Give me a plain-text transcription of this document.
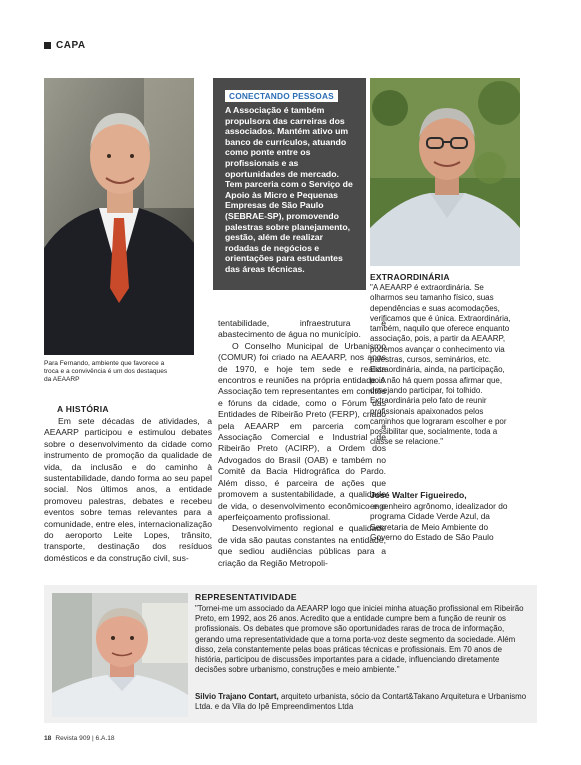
CAPA
Para Fernando, ambiente que favorece a troca e a convivência é um dos destaques da AEAARP
A HISTÓRIA

Em sete décadas de atividades, a AEAARP participou e estimulou debates sobre o desenvolvimento da cidade como instrumento de promoção da qualidade de vida, da inclusão e do caminho à sustentabilidade, dando forma ao seu papel social. Nos últimos anos, a entidade promoveu palestras, debates e recebeu eventos sobre temas relevantes para a comunidade, entre eles, internacionalização do aeroporto Leite Lopes, trânsito, transporte, destinação dos resíduos domésticos e da construção civil, sus-

tentabilidade, infraestrutura e abastecimento de água no município.

O Conselho Municipal de Urbanismo (COMUR) foi criado na AEAARP, nos anos de 1970, e hoje tem sede e realiza encontros e reuniões na própria entidade. A Associação tem representantes em comitês e fóruns da cidade, como o Fórum das Entidades de Ribeirão Preto (FERP), criado pela AEAARP em parceria com a Associação Comercial e Industrial de Ribeirão Preto (ACIRP), a Ordem dos Advogados do Brasil (OAB) e também no Comitê da Bacia Hidrográfica do Pardo. Além disso, é parceira de ações que promovem a sustentabilidade, a qualidade de vida, o desenvolvimento econômico e o aperfeiçoamento profissional.

Desenvolvimento regional e qualidade de vida são pautas constantes na entidade, que sediou audiências públicas para a criação da Região Metropoli-

CONECTANDO PESSOAS
A Associação é também propulsora das carreiras dos associados. Mantém ativo um banco de currículos, atuando como ponte entre os profissionais e as oportunidades de mercado. Tem parceria com o Serviço de Apoio às Micro e Pequenas Empresas de São Paulo (SEBRAE-SP), promovendo palestras sobre planejamento, gestão, além de realizar rodadas de negócios e orientações para estudantes das áreas técnicas.
EXTRAORDINÁRIA
"A AEAARP é extraordinária. Se olharmos seu tamanho físico, suas dependências e suas acomodações, verificamos que é única. Extraordinária, também, naquilo que oferece enquanto associação, pois, a partir da AEAARP, podemos avançar o conhecimento via palestras, cursos, seminários, etc. Extraordinária, ainda, na participação, pois não há quem possa afirmar que, desejando participar, foi tolhido. Extraordinária pelo fato de reunir profissionais apaixonados pelos caminhos que lograram escolher e por possibilitar que, socialmente, toda a classe se relacione."
José Walter Figueiredo,
engenheiro agrônomo, idealizador do programa Cidade Verde Azul, da Secretaria de Meio Ambiente do Governo do Estado de São Paulo
REPRESENTATIVIDADE
"Tornei-me um associado da AEAARP logo que iniciei minha atuação profissional em Ribeirão Preto, em 1992, aos 26 anos. Acredito que a entidade cumpre bem a função de reunir os profissionais. Os debates que promove são oportunidades raras de troca de informação, gerando uma representatividade que a torna porta-voz deste segmento da sociedade. Além disso, zela constantemente pelas boas práticas técnicas e profissionais. Em 70 anos de história, participou de discussões importantes para a cidade, influenciando diretamente decisões sobre urbanismo, construções e meio ambiente."
Silvio Trajano Contart, arquiteto urbanista, sócio da Contart&Takano Arquitetura e Urbanismo Ltda. e da Vila do Ipê Empreendimentos Ltda
18 Revista 909 | 6.A.18
